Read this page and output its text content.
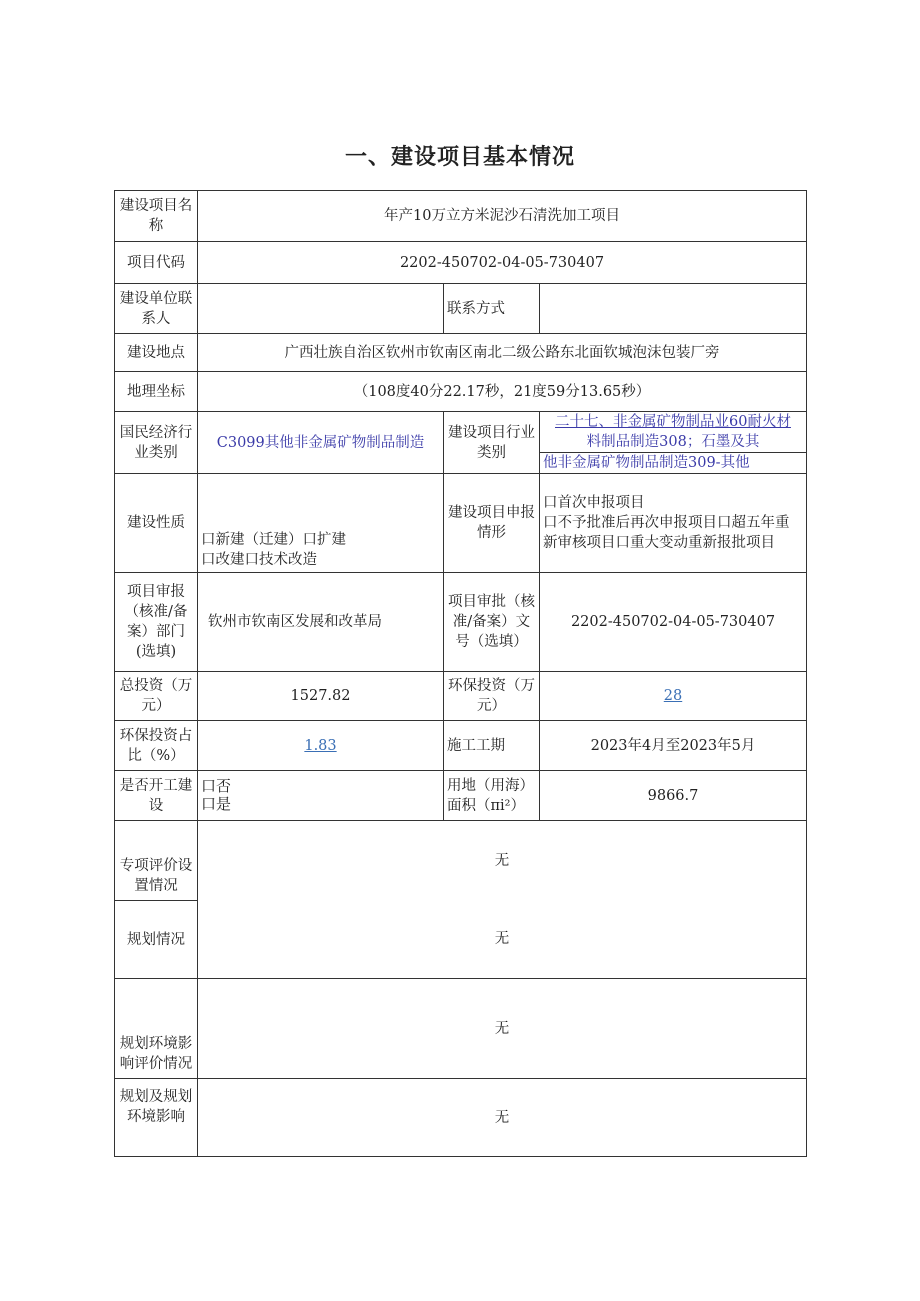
一、建设项目基本情况
建设项目名称	年产10万立方米泥沙石清洗加工项目		
项目代码	2202-450702-04-05-730407		
建设单位联系人		联系方式	
建设地点	广西壮族自治区钦州市钦南区南北二级公路东北面钦城泡沫包装厂旁		
地理坐标	（108度40分22.17秒，21度59分13.65秒）		
国民经济行业类别	C3099其他非金属矿物制品制造	建设项目行业类别	二十七、非金属矿物制品业60耐火材
料制品制造308；石墨及其
他非金属矿物制品制造309-其他

建设性质	口新建（迁建）口扩建
口改建口技术改造	建设项目申报情形	口首次申报项目
口不予批准后再次申报项目口超五年重
新审核项目口重大变动重新报批项目

项目审报（核准/备案）部门(选填)	钦州市钦南区发展和改革局	项目审批（核准/备案）文号（选填）	2202-450702-04-05-730407
总投资（万元）	1527.82	环保投资（万元）	28
环保投资占比（%）	1.83	施工工期	2023年4月至2023年5月
是否开工建设	口否
口是	用地（用海）面积（πi²）	9866.7
专项评价设置情况	无		
规划情况	无		
规划环境影响评价情况	无		
规划及规划环境影响	无		
